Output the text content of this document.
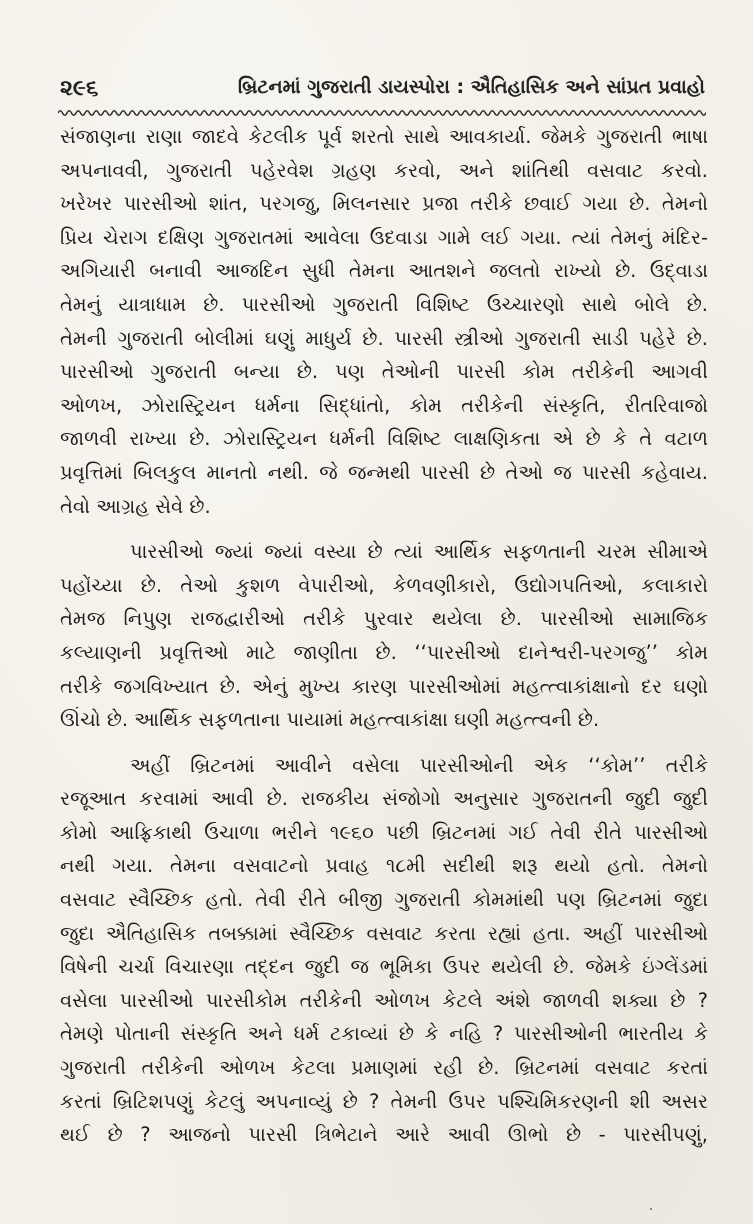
૨૯૬	બ્રિટનમાં ગુજરાતી ડાયસ્પોરા : ઐતિહાસિક અને સાંપ્રત પ્રવાહો
સંજાણના રાણા જાદવે કેટલીક પૂર્વ શરતો સાથે આવકાર્યા. જેમકે ગુજરાતી ભાષા
અપનાવવી, ગુજરાતી પહેરવેશ ગ્રહણ કરવો, અને શાંતિથી વસવાટ કરવો.
ખરેખર પારસીઓ શાંત, પરગજુ, મિલનસાર પ્રજા તરીકે છવાઈ ગયા છે. તેમનો
પ્રિય ચેરાગ દક્ષિણ ગુજરાતમાં આવેલા ઉદવાડા ગામે લઈ ગયા. ત્યાં તેમનું મંદિર-
અગિયારી બનાવી આજદિન સુધી તેમના આતશને જલતો રાખ્યો છે. ઉદ્‌વાડા
તેમનું યાત્રાધામ છે. પારસીઓ ગુજરાતી વિશિષ્ટ ઉચ્ચારણો સાથે બોલે છે.
તેમની ગુજરાતી બોલીમાં ઘણું માધુર્ય છે. પારસી સ્ત્રીઓ ગુજરાતી સાડી પહેરે છે.
પારસીઓ ગુજરાતી બન્યા છે. પણ તેઓની પારસી કોમ તરીકેની આગવી
ઓળખ, ઝોરાસ્ટ્રિયન ધર્મના સિદ્ધાંતો, કોમ તરીકેની સંસ્કૃતિ, રીતરિવાજો
જાળવી રાખ્યા છે. ઝોરાસ્ટ્રિયન ધર્મની વિશિષ્ટ લાક્ષણિકતા એ છે કે તે વટાળ
પ્રવૃત્તિમાં બિલકુલ માનતો નથી. જે જન્મથી પારસી છે તેઓ જ પારસી કહેવાય.
તેવો આગ્રહ સેવે છે.
પારસીઓ જ્યાં જ્યાં વસ્યા છે ત્યાં આર્થિક સફળતાની ચરમ સીમાએ
પહોંચ્યા છે. તેઓ કુશળ વેપારીઓ, કેળવણીકારો, ઉદ્યોગપતિઓ, કલાકારો
તેમજ નિપુણ રાજદ્વારીઓ તરીકે પુરવાર થયેલા છે. પારસીઓ સામાજિક
કલ્યાણની પ્રવૃત્તિઓ માટે જાણીતા છે. ‘‘પારસીઓ દાનેશ્વરી-પરગજુ’’ કોમ
તરીકે જગવિખ્યાત છે. એનું મુખ્ય કારણ પારસીઓમાં મહત્ત્વાકાંક્ષાનો દર ઘણો
ઊંચો છે. આર્થિક સફળતાના પાયામાં મહત્ત્વાકાંક્ષા ઘણી મહત્ત્વની છે.
અહીં બ્રિટનમાં આવીને વસેલા પારસીઓની એક ‘‘કોમ’’ તરીકે
રજૂઆત કરવામાં આવી છે. રાજકીય સંજોગો અનુસાર ગુજરાતની જુદી જુદી
કોમો આફ્રિકાથી ઉચાળા ભરીને ૧૯૬૦ પછી બ્રિટનમાં ગઈ તેવી રીતે પારસીઓ
નથી ગયા. તેમના વસવાટનો પ્રવાહ ૧૮મી સદીથી શરૂ થયો હતો. તેમનો
વસવાટ સ્વૈચ્છિક હતો. તેવી રીતે બીજી ગુજરાતી કોમમાંથી પણ બ્રિટનમાં જુદા
જુદા ઐતિહાસિક તબક્કામાં સ્વૈચ્છિક વસવાટ કરતા રહ્યાં હતા. અહીં પારસીઓ
વિષેની ચર્ચા વિચારણા તદ્દન જુદી જ ભૂમિકા ઉપર થયેલી છે. જેમકે ઇંગ્લેંડમાં
વસેલા પારસીઓ પારસીકોમ તરીકેની ઓળખ કેટલે અંશે જાળવી શક્યા છે ?
તેમણે પોતાની સંસ્કૃતિ અને ધર્મ ટકાવ્યાં છે કે નહિ ? પારસીઓની ભારતીય કે
ગુજરાતી તરીકેની ઓળખ કેટલા પ્રમાણમાં રહી છે. બ્રિટનમાં વસવાટ કરતાં
કરતાં બ્રિટિશપણું કેટલું અપનાવ્યું છે ? તેમની ઉપર પશ્ચિમિકરણની શી અસર
થઈ છે ? આજનો પારસી ત્રિભેટાને આરે આવી ઊભો છે - પારસીપણું,
